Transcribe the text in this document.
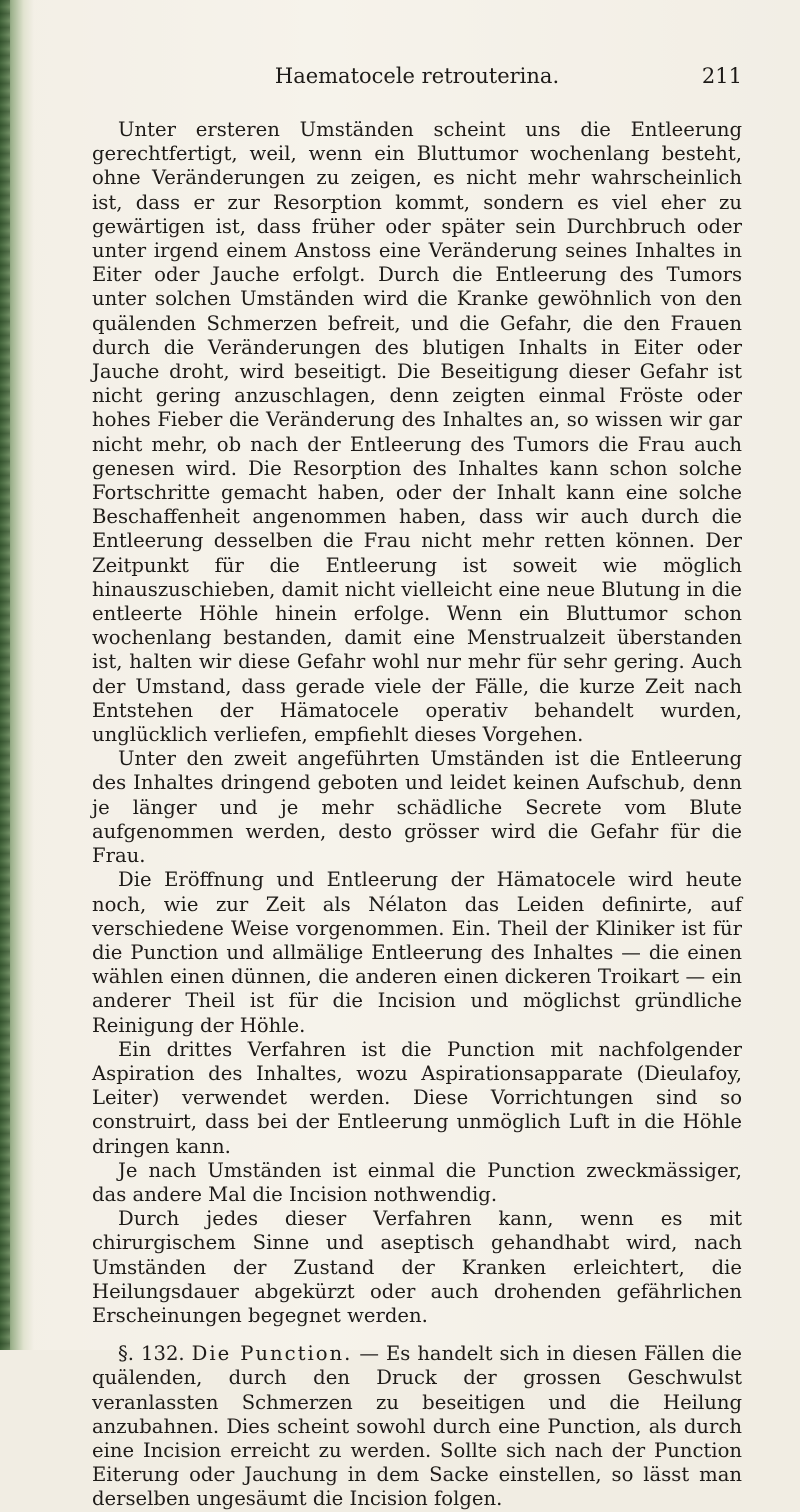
Haematocele retrouterina.	211

Unter ersteren Umständen scheint uns die Entleerung gerechtfertigt, weil, wenn ein Bluttumor wochenlang besteht, ohne Veränderungen zu zeigen, es nicht mehr wahrscheinlich ist, dass er zur Resorption kommt, sondern es viel eher zu gewärtigen ist, dass früher oder später sein Durchbruch oder unter irgend einem Anstoss eine Veränderung seines Inhaltes in Eiter oder Jauche erfolgt. Durch die Entleerung des Tumors unter solchen Umständen wird die Kranke gewöhnlich von den quälenden Schmerzen befreit, und die Gefahr, die den Frauen durch die Veränderungen des blutigen Inhalts in Eiter oder Jauche droht, wird beseitigt. Die Beseitigung dieser Gefahr ist nicht gering anzuschlagen, denn zeigten einmal Fröste oder hohes Fieber die Veränderung des Inhaltes an, so wissen wir gar nicht mehr, ob nach der Entleerung des Tumors die Frau auch genesen wird. Die Resorption des Inhaltes kann schon solche Fortschritte gemacht haben, oder der Inhalt kann eine solche Beschaffenheit angenommen haben, dass wir auch durch die Entleerung desselben die Frau nicht mehr retten können. Der Zeitpunkt für die Entleerung ist soweit wie möglich hinauszuschieben, damit nicht vielleicht eine neue Blutung in die entleerte Höhle hinein erfolge. Wenn ein Bluttumor schon wochenlang bestanden, damit eine Menstrualzeit überstanden ist, halten wir diese Gefahr wohl nur mehr für sehr gering. Auch der Umstand, dass gerade viele der Fälle, die kurze Zeit nach Entstehen der Hämatocele operativ behandelt wurden, unglücklich verliefen, empfiehlt dieses Vorgehen.

Unter den zweit angeführten Umständen ist die Entleerung des Inhaltes dringend geboten und leidet keinen Aufschub, denn je länger und je mehr schädliche Secrete vom Blute aufgenommen werden, desto grösser wird die Gefahr für die Frau.

Die Eröffnung und Entleerung der Hämatocele wird heute noch, wie zur Zeit als Nélaton das Leiden definirte, auf verschiedene Weise vorgenommen. Ein. Theil der Kliniker ist für die Punction und allmälige Entleerung des Inhaltes — die einen wählen einen dünnen, die anderen einen dickeren Troikart — ein anderer Theil ist für die Incision und möglichst gründliche Reinigung der Höhle.

Ein drittes Verfahren ist die Punction mit nachfolgender Aspiration des Inhaltes, wozu Aspirationsapparate (Dieulafoy, Leiter) verwendet werden. Diese Vorrichtungen sind so construirt, dass bei der Entleerung unmöglich Luft in die Höhle dringen kann.

Je nach Umständen ist einmal die Punction zweckmässiger, das andere Mal die Incision nothwendig.

Durch jedes dieser Verfahren kann, wenn es mit chirurgischem Sinne und aseptisch gehandhabt wird, nach Umständen der Zustand der Kranken erleichtert, die Heilungsdauer abgekürzt oder auch drohenden gefährlichen Erscheinungen begegnet werden.

§. 132. Die Punction. — Es handelt sich in diesen Fällen die quälenden, durch den Druck der grossen Geschwulst veranlassten Schmerzen zu beseitigen und die Heilung anzubahnen. Dies scheint sowohl durch eine Punction, als durch eine Incision erreicht zu werden. Sollte sich nach der Punction Eiterung oder Jauchung in dem Sacke einstellen, so lässt man derselben ungesäumt die Incision folgen.
